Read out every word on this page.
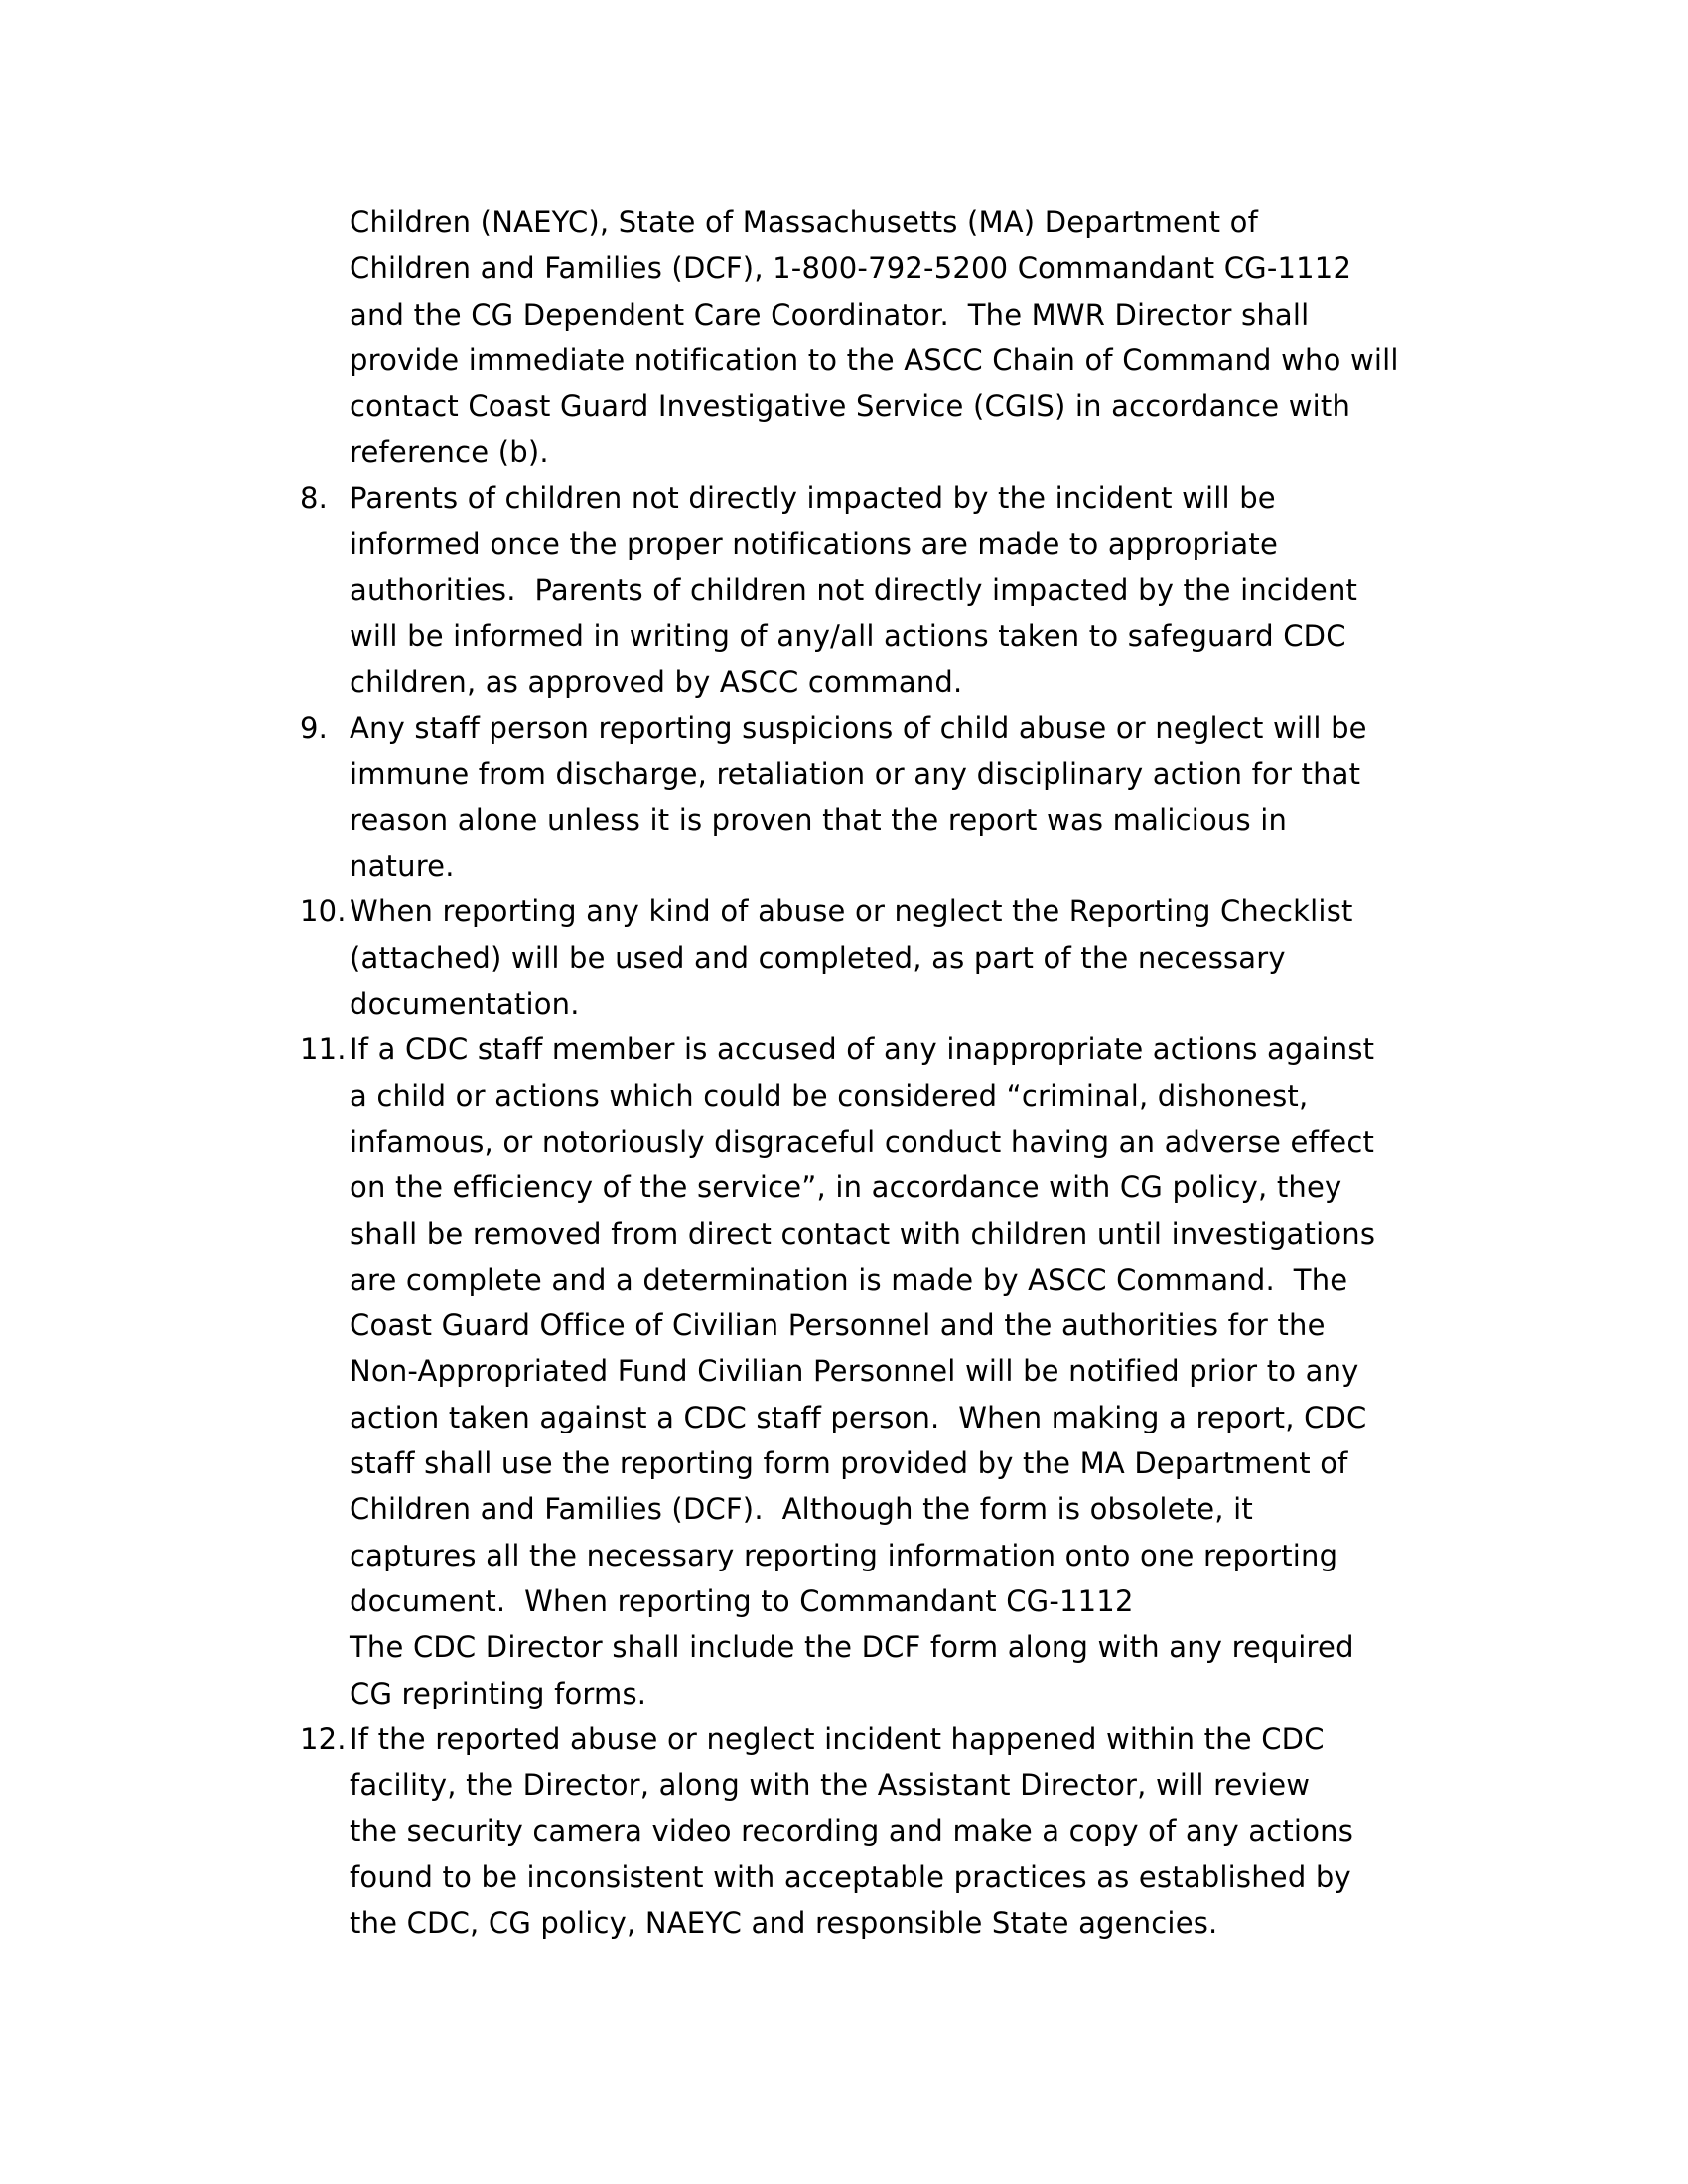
Children (NAEYC), State of Massachusetts (MA) Department of
Children and Families (DCF), 1-800-792-5200 Commandant CG-1112
and the CG Dependent Care Coordinator.  The MWR Director shall
provide immediate notification to the ASCC Chain of Command who will
contact Coast Guard Investigative Service (CGIS) in accordance with
reference (b).
8. Parents of children not directly impacted by the incident will be
informed once the proper notifications are made to appropriate
authorities.  Parents of children not directly impacted by the incident
will be informed in writing of any/all actions taken to safeguard CDC
children, as approved by ASCC command.
9. Any staff person reporting suspicions of child abuse or neglect will be
immune from discharge, retaliation or any disciplinary action for that
reason alone unless it is proven that the report was malicious in
nature.
10. When reporting any kind of abuse or neglect the Reporting Checklist
(attached) will be used and completed, as part of the necessary
documentation.
11. If a CDC staff member is accused of any inappropriate actions against
a child or actions which could be considered “criminal, dishonest,
infamous, or notoriously disgraceful conduct having an adverse effect
on the efficiency of the service”, in accordance with CG policy, they
shall be removed from direct contact with children until investigations
are complete and a determination is made by ASCC Command.  The
Coast Guard Office of Civilian Personnel and the authorities for the
Non-Appropriated Fund Civilian Personnel will be notified prior to any
action taken against a CDC staff person.  When making a report, CDC
staff shall use the reporting form provided by the MA Department of
Children and Families (DCF).  Although the form is obsolete, it
captures all the necessary reporting information onto one reporting
document.  When reporting to Commandant CG-1112
The CDC Director shall include the DCF form along with any required
CG reprinting forms.
12. If the reported abuse or neglect incident happened within the CDC
facility, the Director, along with the Assistant Director, will review
the security camera video recording and make a copy of any actions
found to be inconsistent with acceptable practices as established by
the CDC, CG policy, NAEYC and responsible State agencies.
